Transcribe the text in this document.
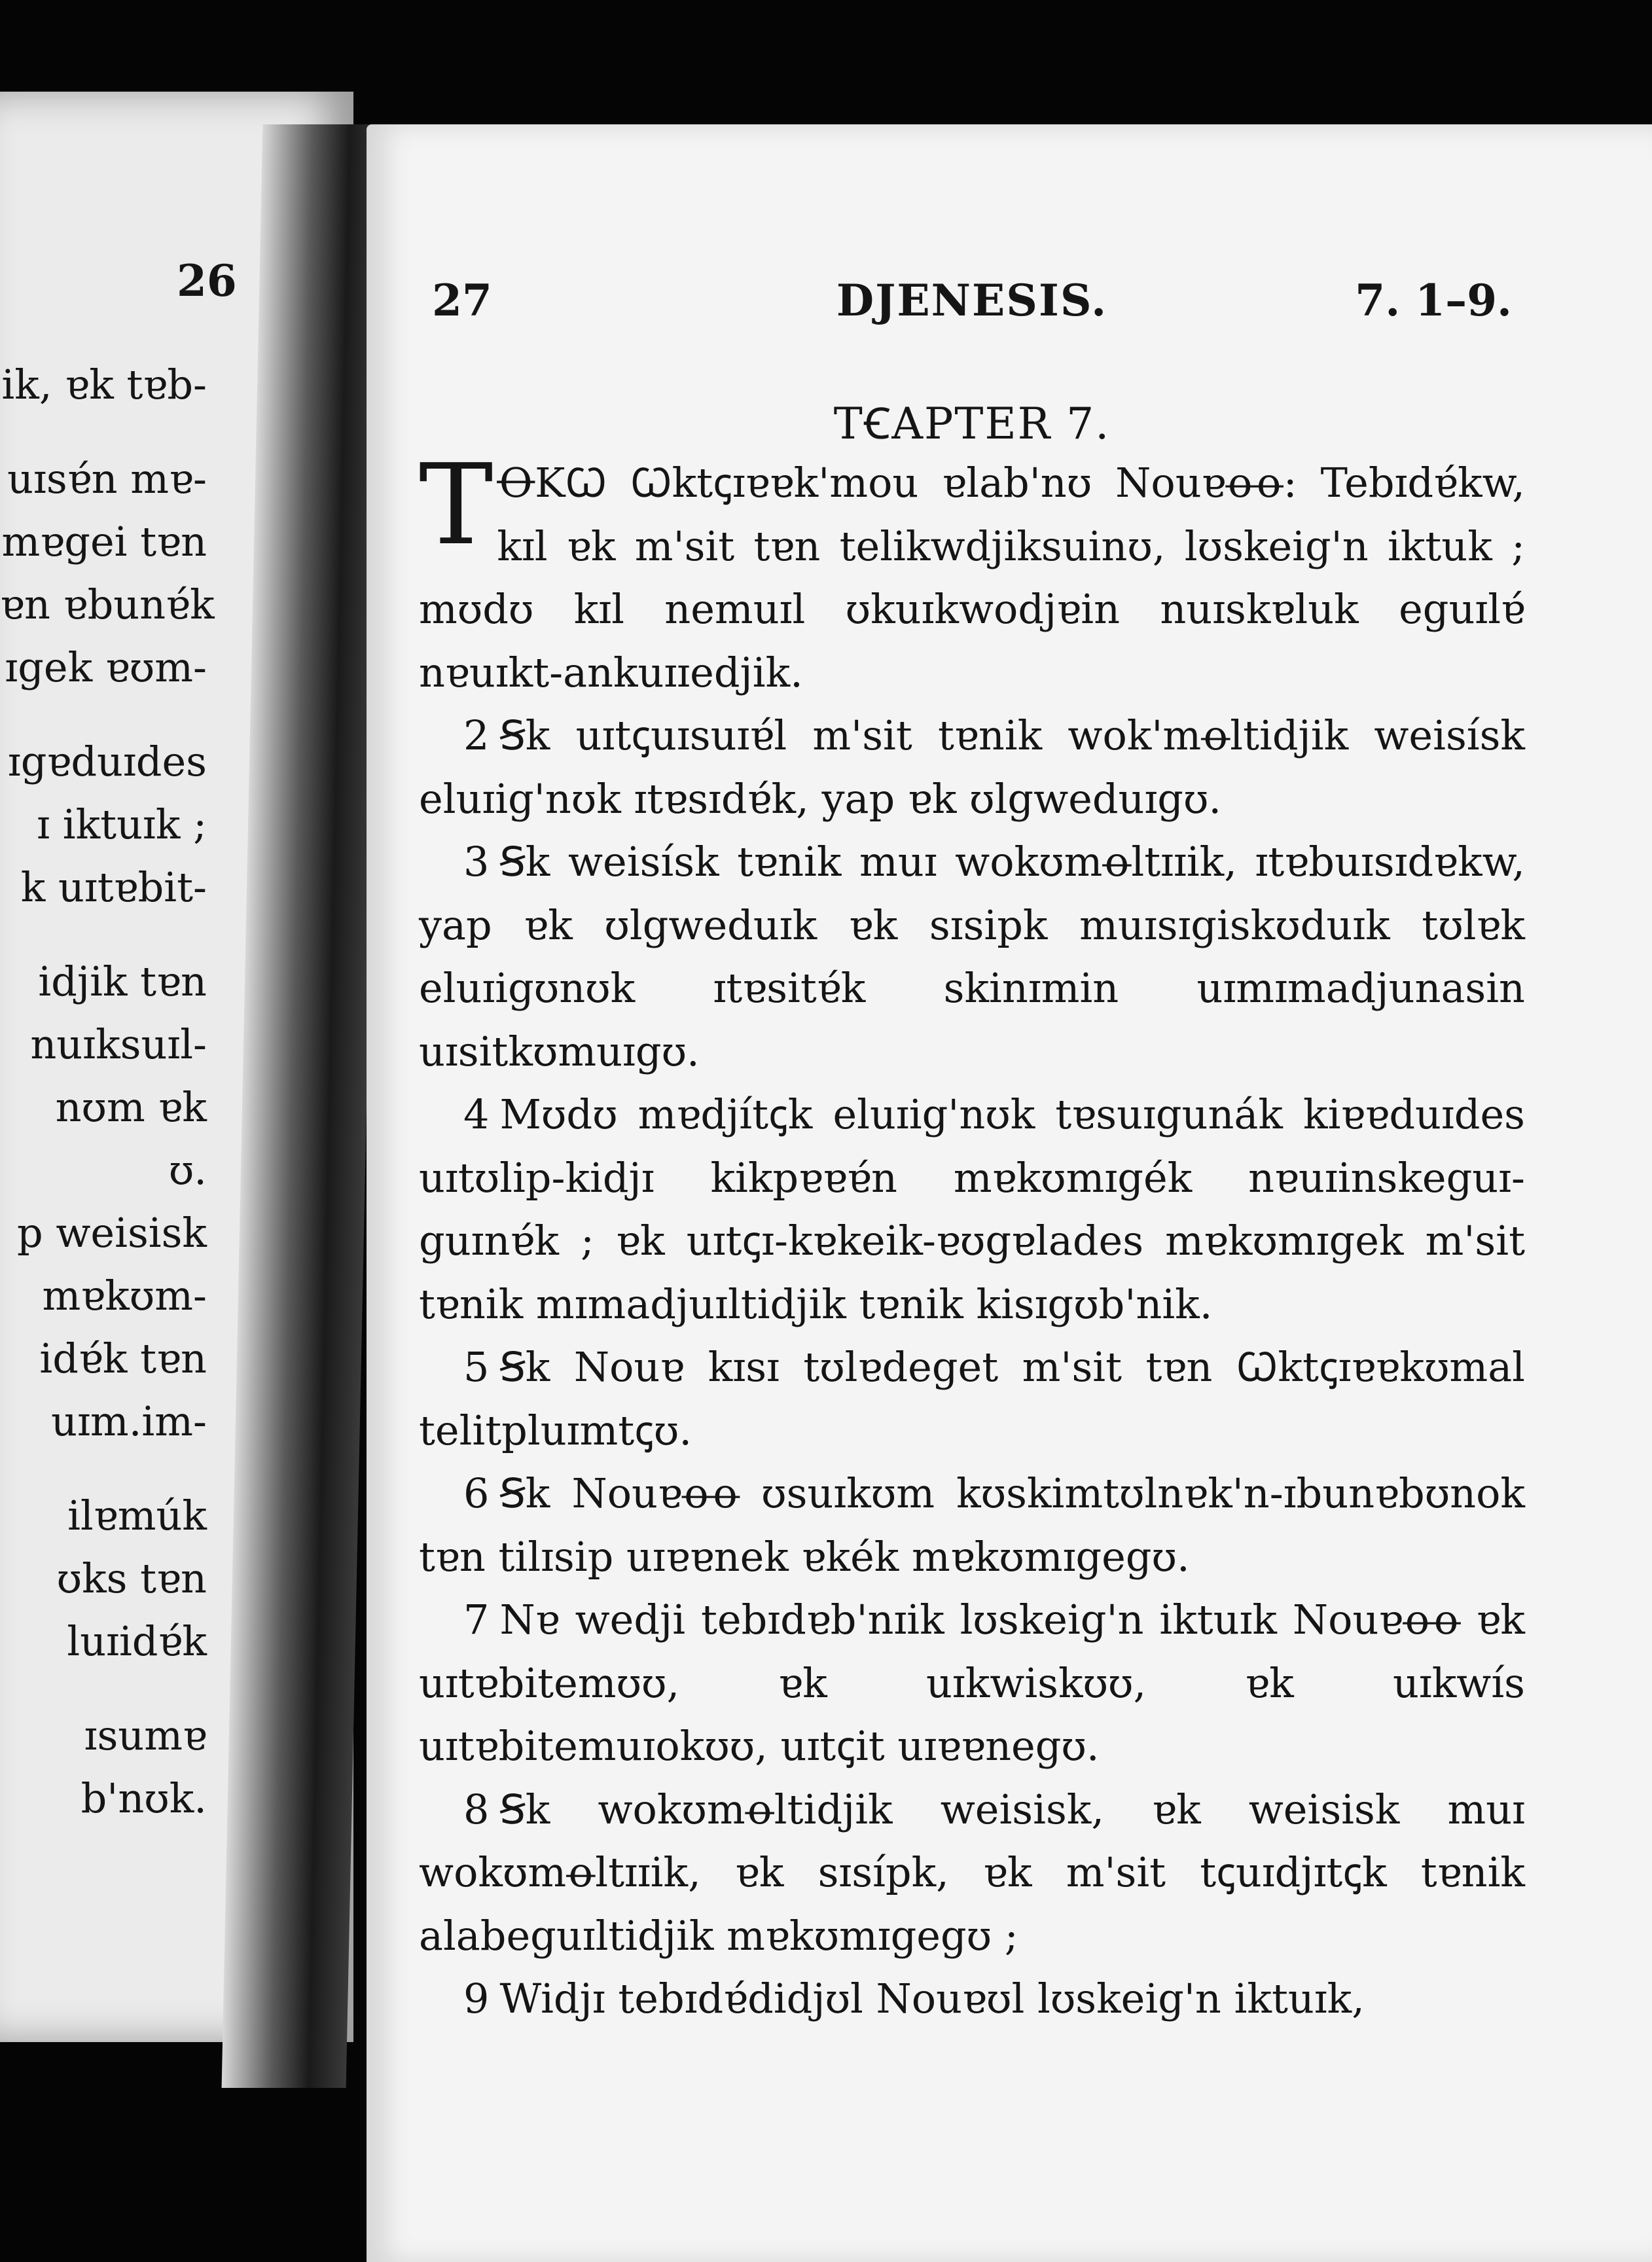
26
ik, ɐk tɐb-
uɪsɐ́n mɐ-
mɐgei tɐn
ɐn ɐbunɐ́k
ɪgek ɐʊm-
ɪgɐduɪdes
ɪ iktuɪk ;
k uɪtɐbit-
idjik tɐn
nuɪksuɪl-
nʊm ɐk
ʊ.
p weisisk
mɐkʊm-
idɐ́k tɐn
uɪm.im-
ilɐmúk
ʊks tɐn
luɪidɐ́k
ɪsumɐ
b'nʊk.
27	DJENESIS.	7. 1–9.
TꞒAPTER 7.

TꝊKꞶ Ꞷktꞔɪɐɐk'mou ɐlab'nʊ Nouɐꝋꝋ: Tebɪdɐ́kw, kɪl ɐk m'sit tɐn telikwdjiksuinʊ, lʊskeig'n iktuk ; mʊdʊ kɪl nemuɪl ʊkuɪkwodjɐin nuɪskɐluk eguɪlɐ́ nɐuɪkt-ankuɪɪedjik.

2 Ꞩk uɪtꞔuɪsuɪɐ́l m'sit tɐnik wok'mꝋltidjik weisísk eluɪig'nʊk ɪtɐsɪdɐ́k, yap ɐk ʊlgweduɪgʊ.

3 Ꞩk weisísk tɐnik muɪ wokʊmꝋltɪɪik, ɪtɐbuɪsɪdɐkw, yap ɐk ʊlgweduɪk ɐk sɪsipk muɪsɪgiskʊduɪk tʊlɐk eluɪigʊnʊk ɪtɐsitɐ́k skinɪmin uɪmɪmadjunasin uɪsitkʊmuɪgʊ.

4 Mʊdʊ mɐdjítꞔk eluɪig'nʊk tɐsuɪgunák kiɐɐduɪdes uɪtʊlip-kidjɪ kikpɐɐɐ́n mɐkʊmɪgék nɐuɪinskeguɪ-guɪnɐ́k ; ɐk uɪtꞔɪ-kɐkeik-ɐʊgɐlades mɐkʊmɪgek m'sit tɐnik mɪmadjuɪltidjik tɐnik kisɪgʊb'nik.

5 Ꞩk Nouɐ kɪsɪ tʊlɐdeget m'sit tɐn Ꞷktꞔɪɐɐkʊmal telitpluɪmtꞔʊ.

6 Ꞩk Nouɐꝋꝋ ʊsuɪkʊm kʊskimtʊlnɐk'n-ɪbunɐbʊnok tɐn tilɪsip uɪɐɐnek ɐkék mɐkʊmɪgegʊ.

7 Nɐ wedji tebɪdɐb'nɪik lʊskeig'n iktuɪk Nouɐꝋꝋ ɐk uɪtɐbitemʊʊ, ɐk uɪkwiskʊʊ, ɐk uɪkwís uɪtɐbitemuɪokʊʊ, uɪtꞔit uɪɐɐnegʊ.

8 Ꞩk wokʊmꝋltidjik weisisk, ɐk weisisk muɪ wokʊmꝋltɪɪik, ɐk sɪsípk, ɐk m'sit tꞔuɪdjɪtꞔk tɐnik alabeguɪltidjik mɐkʊmɪgegʊ ;

9 Widjɪ tebɪdɐ́didjʊl Nouɐʊl lʊskeig'n iktuɪk,
